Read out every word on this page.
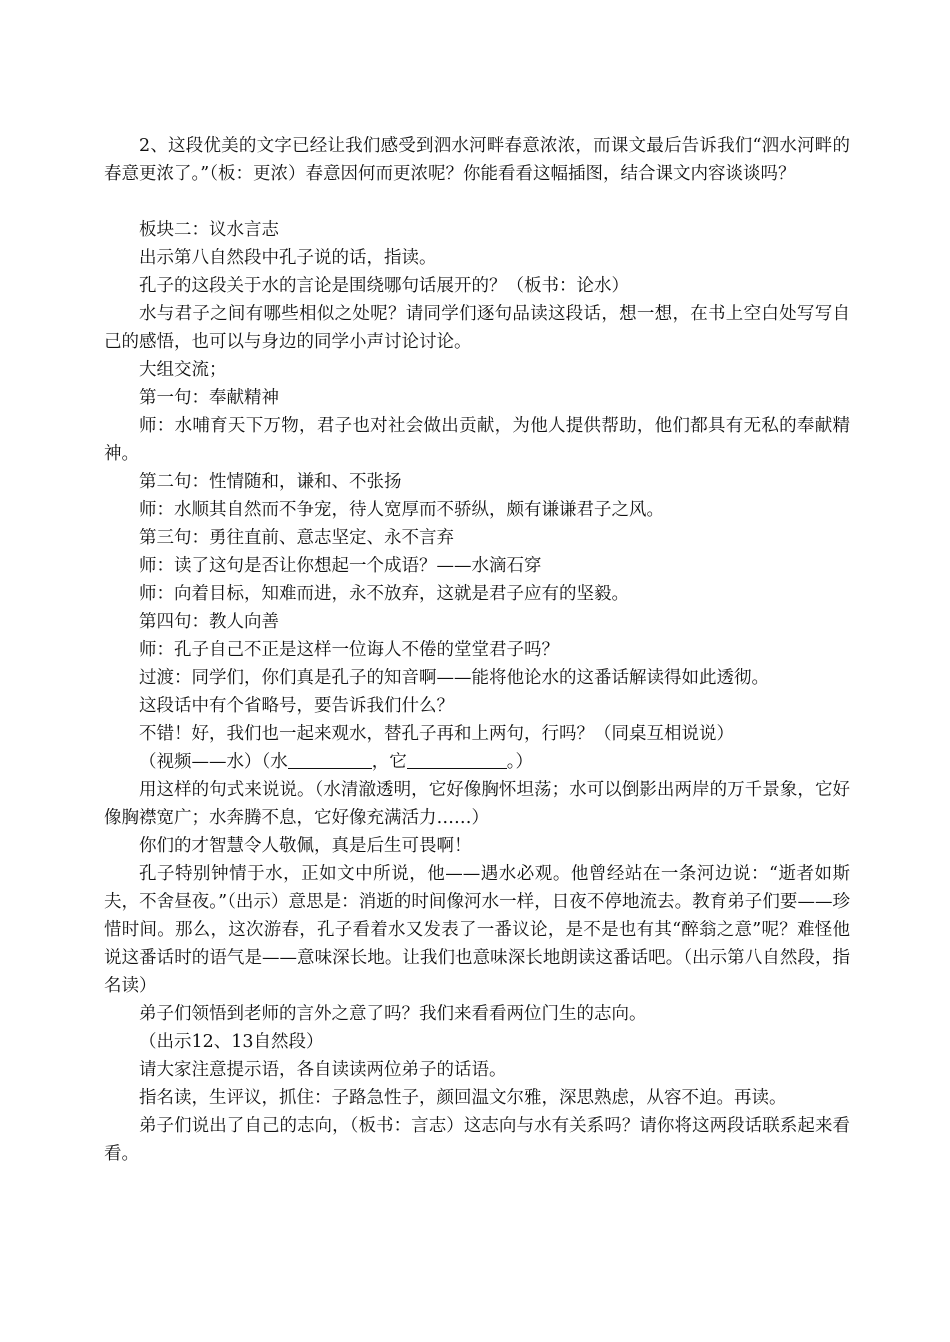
2、这段优美的文字已经让我们感受到泗水河畔春意浓浓，而课文最后告诉我们“泗水河畔的春意更浓了。”（板：更浓）春意因何而更浓呢？你能看看这幅插图，结合课文内容谈谈吗？

板块二：议水言志

出示第八自然段中孔子说的话，指读。

孔子的这段关于水的言论是围绕哪句话展开的？（板书：论水）

水与君子之间有哪些相似之处呢？请同学们逐句品读这段话，想一想，在书上空白处写写自己的感悟，也可以与身边的同学小声讨论讨论。

大组交流；

第一句：奉献精神

师：水哺育天下万物，君子也对社会做出贡献，为他人提供帮助，他们都具有无私的奉献精神。

第二句：性情随和，谦和、不张扬

师：水顺其自然而不争宠，待人宽厚而不骄纵，颇有谦谦君子之风。

第三句：勇往直前、意志坚定、永不言弃

师：读了这句是否让你想起一个成语？——水滴石穿

师：向着目标，知难而进，永不放弃，这就是君子应有的坚毅。

第四句：教人向善

师：孔子自己不正是这样一位诲人不倦的堂堂君子吗？

过渡：同学们，你们真是孔子的知音啊——能将他论水的这番话解读得如此透彻。

这段话中有个省略号，要告诉我们什么？

不错！好，我们也一起来观水，替孔子再和上两句，行吗？（同桌互相说说）

（视频——水）（水	，它	。）

用这样的句式来说说。（水清澈透明，它好像胸怀坦荡；水可以倒影出两岸的万千景象，它好像胸襟宽广；水奔腾不息，它好像充满活力……）

你们的才智慧令人敬佩，真是后生可畏啊！

孔子特别钟情于水，正如文中所说，他——遇水必观。他曾经站在一条河边说：“逝者如斯夫，不舍昼夜。”（出示）意思是：消逝的时间像河水一样，日夜不停地流去。教育弟子们要——珍惜时间。那么，这次游春，孔子看着水又发表了一番议论，是不是也有其“醉翁之意”呢？难怪他说这番话时的语气是——意味深长地。让我们也意味深长地朗读这番话吧。（出示第八自然段，指名读）

弟子们领悟到老师的言外之意了吗？我们来看看两位门生的志向。

（出示12、13自然段）

请大家注意提示语，各自读读两位弟子的话语。

指名读，生评议，抓住：子路急性子，颜回温文尔雅，深思熟虑，从容不迫。再读。

弟子们说出了自己的志向，（板书：言志）这志向与水有关系吗？请你将这两段话联系起来看看。
